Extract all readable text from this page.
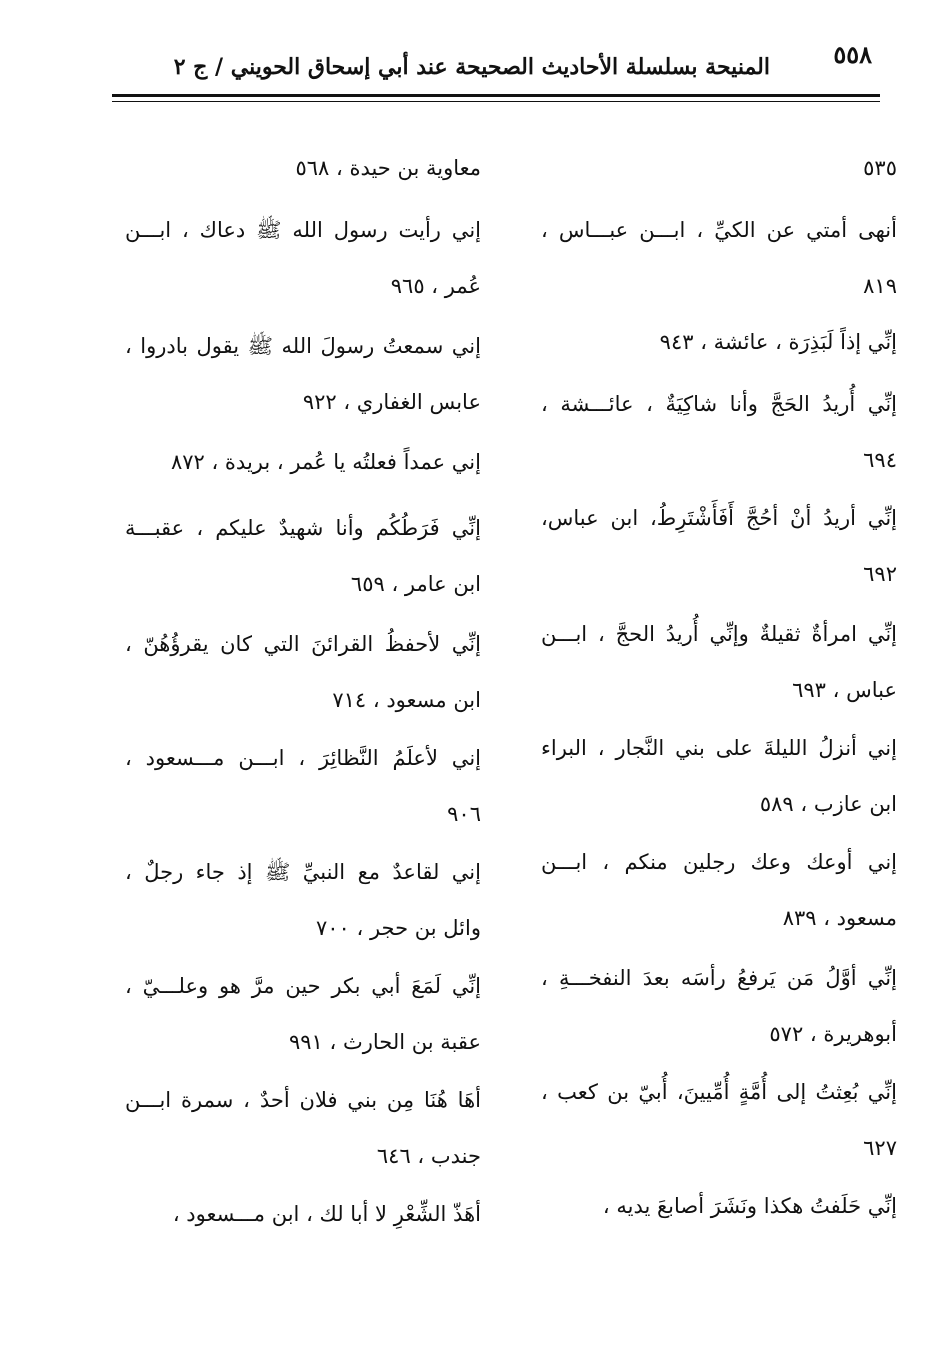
٥٥٨
المنيحة بسلسلة الأحاديث الصحيحة عند أبي إسحاق الحويني / ج ٢
٥٣٥
أنهى أمتي عن الكيِّ ، ابـــن عبـــاس ،
٨١٩
إنِّي إذاً لَبَذِرَة ، عائشة ، ٩٤٣
إنِّي أُريدُ الحَجَّ وأنا شاكِيَةٌ ، عائـــشة ،
٦٩٤
إنِّي أريدُ أنْ أحُجَّ أَفَأَشْتَرِطُ، ابن عباس،
٦٩٢
إنِّي امرأةٌ ثقيلةٌ وإنِّي أُريدُ الحجَّ ، ابـــن
عباس ، ٦٩٣
إني أنزلُ الليلةَ على بني النَّجار ، البراء
ابن عازب ، ٥٨٩
إني أوعك وعك رجلين منكم ، ابـــن
مسعود ، ٨٣٩
إنِّي أوَّلُ مَن يَرفعُ رأسَه بعدَ النفخـــةِ ،
أبوهريرة ، ٥٧٢
إنِّي بُعِثتُ إلى أُمَّةٍ أُمِّيينَ، أُبيّ بن كعب ،
٦٢٧
إنِّي حَلَفتُ هكذا ونَشَرَ أصابعَ يديه ،
معاوية بن حيدة ، ٥٦٨
إني رأيت رسول الله ﷺ دعاك ، ابـــن
عُمر ، ٩٦٥
إني سمعتُ رسولَ الله ﷺ يقول بادروا ،
عابس الغفاري ، ٩٢٢
إني عمداً فعلتُه يا عُمر ، بريدة ، ٨٧٢
إنِّي فَرَطُكُم وأنا شهيدٌ عليكم ، عقبـــة
ابن عامر ، ٦٥٩
إنِّي لأحفظُ القرائنَ التي كان يقرؤُهُنّ ،
ابن مسعود ، ٧١٤
إني لأعلَمُ النَّظائِرَ ، ابـــن مـــسعود ،
٩٠٦
إني لقاعدٌ مع النبيِّ ﷺ إذ جاء رجلٌ ،
وائل بن حجر ، ٧٠٠
إنِّي لَمَعَ أبي بكر حين مرَّ هو وعلـــيّ ،
عقبة بن الحارث ، ٩٩١
أهَا هُنَا مِن بني فلان أحدٌ ، سمرة ابـــن
جندب ، ٦٤٦
أهَذّ الشِّعْرِ لا أبا لك ، ابن مـــسعود ،
